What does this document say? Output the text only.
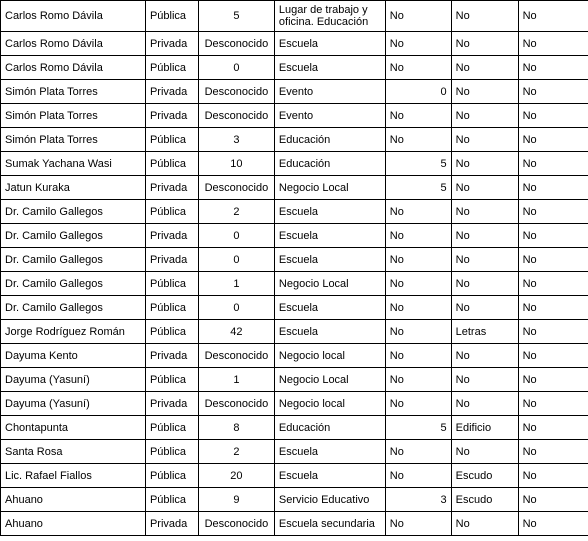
Carlos Romo Dávila	Pública	5	Lugar de trabajo y oficina. Educación	No	No	No
Carlos Romo Dávila	Privada	Desconocido	Escuela	No	No	No
Carlos Romo Dávila	Pública	0	Escuela	No	No	No
Simón Plata Torres	Privada	Desconocido	Evento	0	No	No
Simón Plata Torres	Privada	Desconocido	Evento	No	No	No
Simón Plata Torres	Pública	3	Educación	No	No	No
Sumak Yachana Wasi	Pública	10	Educación	5	No	No
Jatun Kuraka	Privada	Desconocido	Negocio Local	5	No	No
Dr. Camilo Gallegos	Pública	2	Escuela	No	No	No
Dr. Camilo Gallegos	Privada	0	Escuela	No	No	No
Dr. Camilo Gallegos	Privada	0	Escuela	No	No	No
Dr. Camilo Gallegos	Pública	1	Negocio Local	No	No	No
Dr. Camilo Gallegos	Pública	0	Escuela	No	No	No
Jorge Rodríguez Román	Pública	42	Escuela	No	Letras	No
Dayuma Kento	Privada	Desconocido	Negocio local	No	No	No
Dayuma (Yasuní)	Pública	1	Negocio Local	No	No	No
Dayuma (Yasuní)	Privada	Desconocido	Negocio local	No	No	No
Chontapunta	Pública	8	Educación	5	Edificio	No
Santa Rosa	Pública	2	Escuela	No	No	No
Lic. Rafael Fiallos	Pública	20	Escuela	No	Escudo	No
Ahuano	Pública	9	Servicio Educativo	3	Escudo	No
Ahuano	Privada	Desconocido	Escuela secundaria	No	No	No
